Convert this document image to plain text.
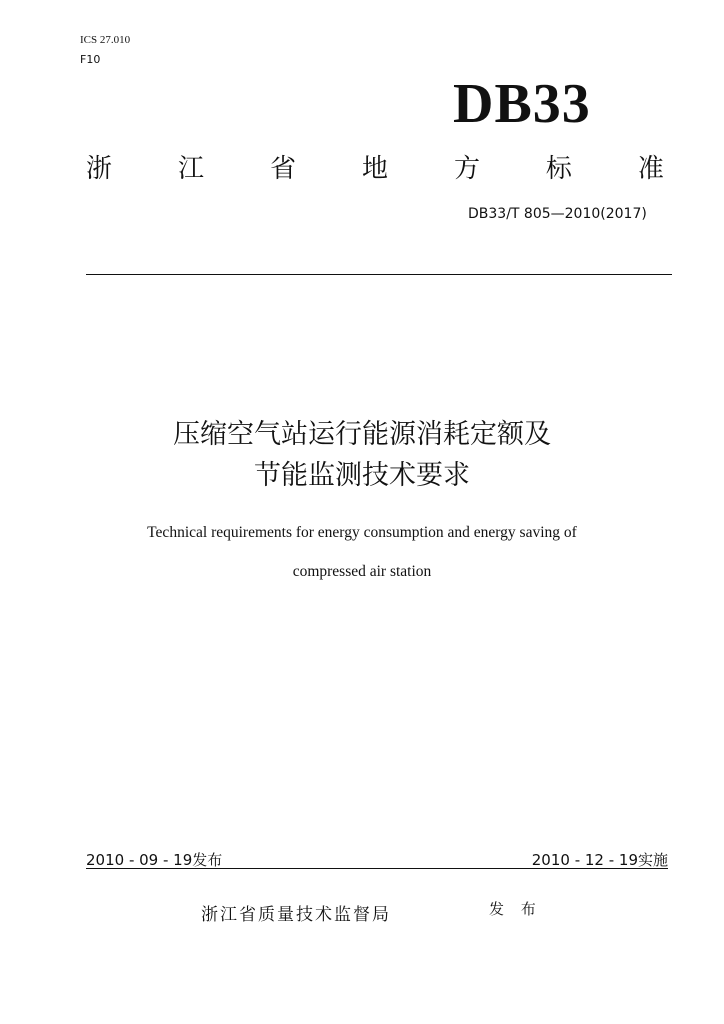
ICS 27.010
F10
DB33
浙	江	省	地	方	标	准
DB33/T 805—2010(2017)
压缩空气站运行能源消耗定额及
节能监测技术要求
Technical requirements for energy consumption and energy saving of
compressed air station
2010 - 09 - 19发布	2010 - 12 - 19实施
浙江省质量技术监督局	发 布
